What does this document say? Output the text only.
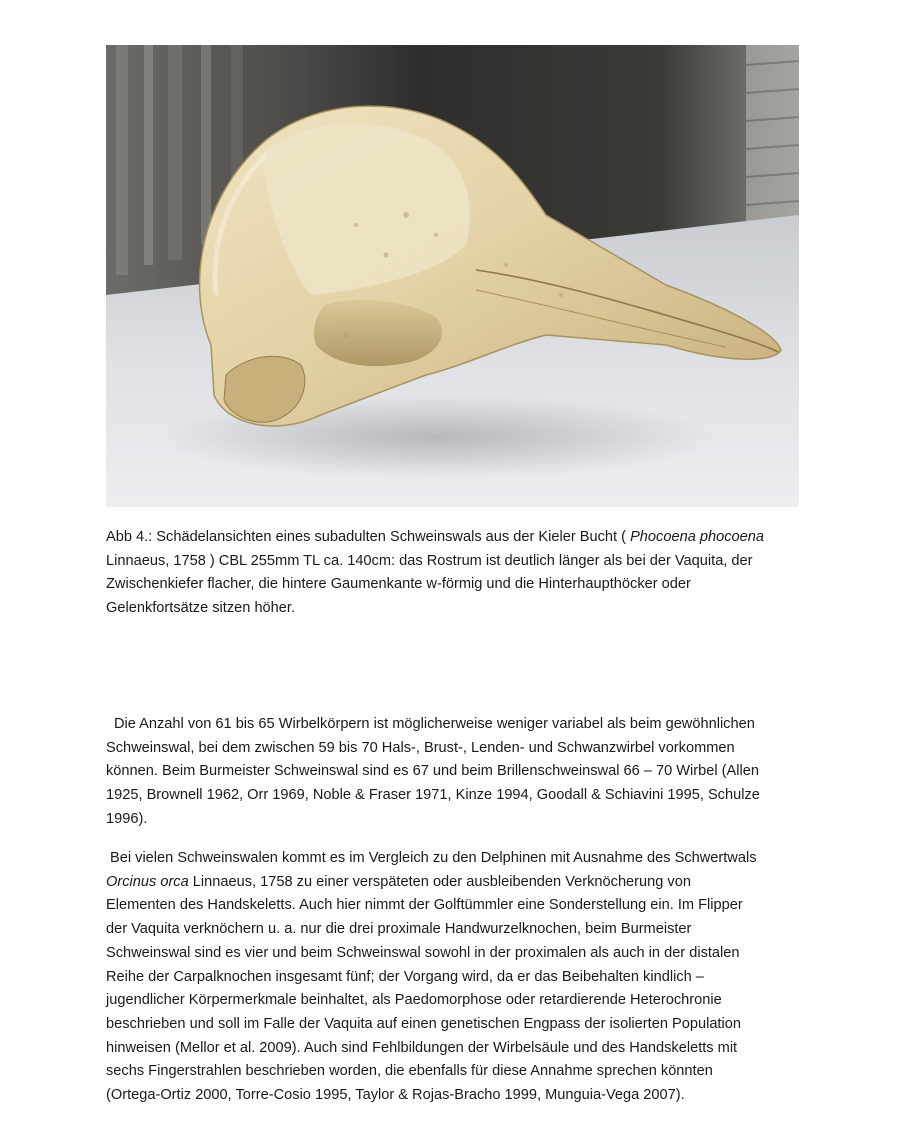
Abb 4.: Schädelansichten eines subadulten Schweinswals aus der Kieler Bucht ( Phocoena phocoena
Linnaeus, 1758 ) CBL 255mm TL ca. 140cm: das Rostrum ist deutlich länger als bei der Vaquita, der
Zwischenkiefer flacher, die hintere Gaumenkante w-förmig und die Hinterhaupthöcker oder
Gelenkfortsätze sitzen höher.

Die Anzahl von 61 bis 65 Wirbelkörpern ist möglicherweise weniger variabel als beim gewöhnlichen
Schweinswal, bei dem zwischen 59 bis 70 Hals-, Brust-, Lenden- und Schwanzwirbel vorkommen
können. Beim Burmeister Schweinswal sind es 67 und beim Brillenschweinswal 66 – 70 Wirbel (Allen
1925, Brownell 1962, Orr 1969, Noble & Fraser 1971, Kinze 1994, Goodall & Schiavini 1995, Schulze
1996).

Bei vielen Schweinswalen kommt es im Vergleich zu den Delphinen mit Ausnahme des Schwertwals
Orcinus orca Linnaeus, 1758 zu einer verspäteten oder ausbleibenden Verknöcherung von
Elementen des Handskeletts. Auch hier nimmt der Golftümmler eine Sonderstellung ein. Im Flipper
der Vaquita verknöchern u. a. nur die drei proximale Handwurzelknochen, beim Burmeister
Schweinswal sind es vier und beim Schweinswal sowohl in der proximalen als auch in der distalen
Reihe der Carpalknochen insgesamt fünf; der Vorgang wird, da er das Beibehalten kindlich –
jugendlicher Körpermerkmale beinhaltet, als Paedomorphose oder retardierende Heterochronie
beschrieben und soll im Falle der Vaquita auf einen genetischen Engpass der isolierten Population
hinweisen (Mellor et al. 2009). Auch sind Fehlbildungen der Wirbelsäule und des Handskeletts mit
sechs Fingerstrahlen beschrieben worden, die ebenfalls für diese Annahme sprechen könnten
(Ortega-Ortiz 2000, Torre-Cosio 1995, Taylor & Rojas-Bracho 1999, Munguia-Vega 2007).
